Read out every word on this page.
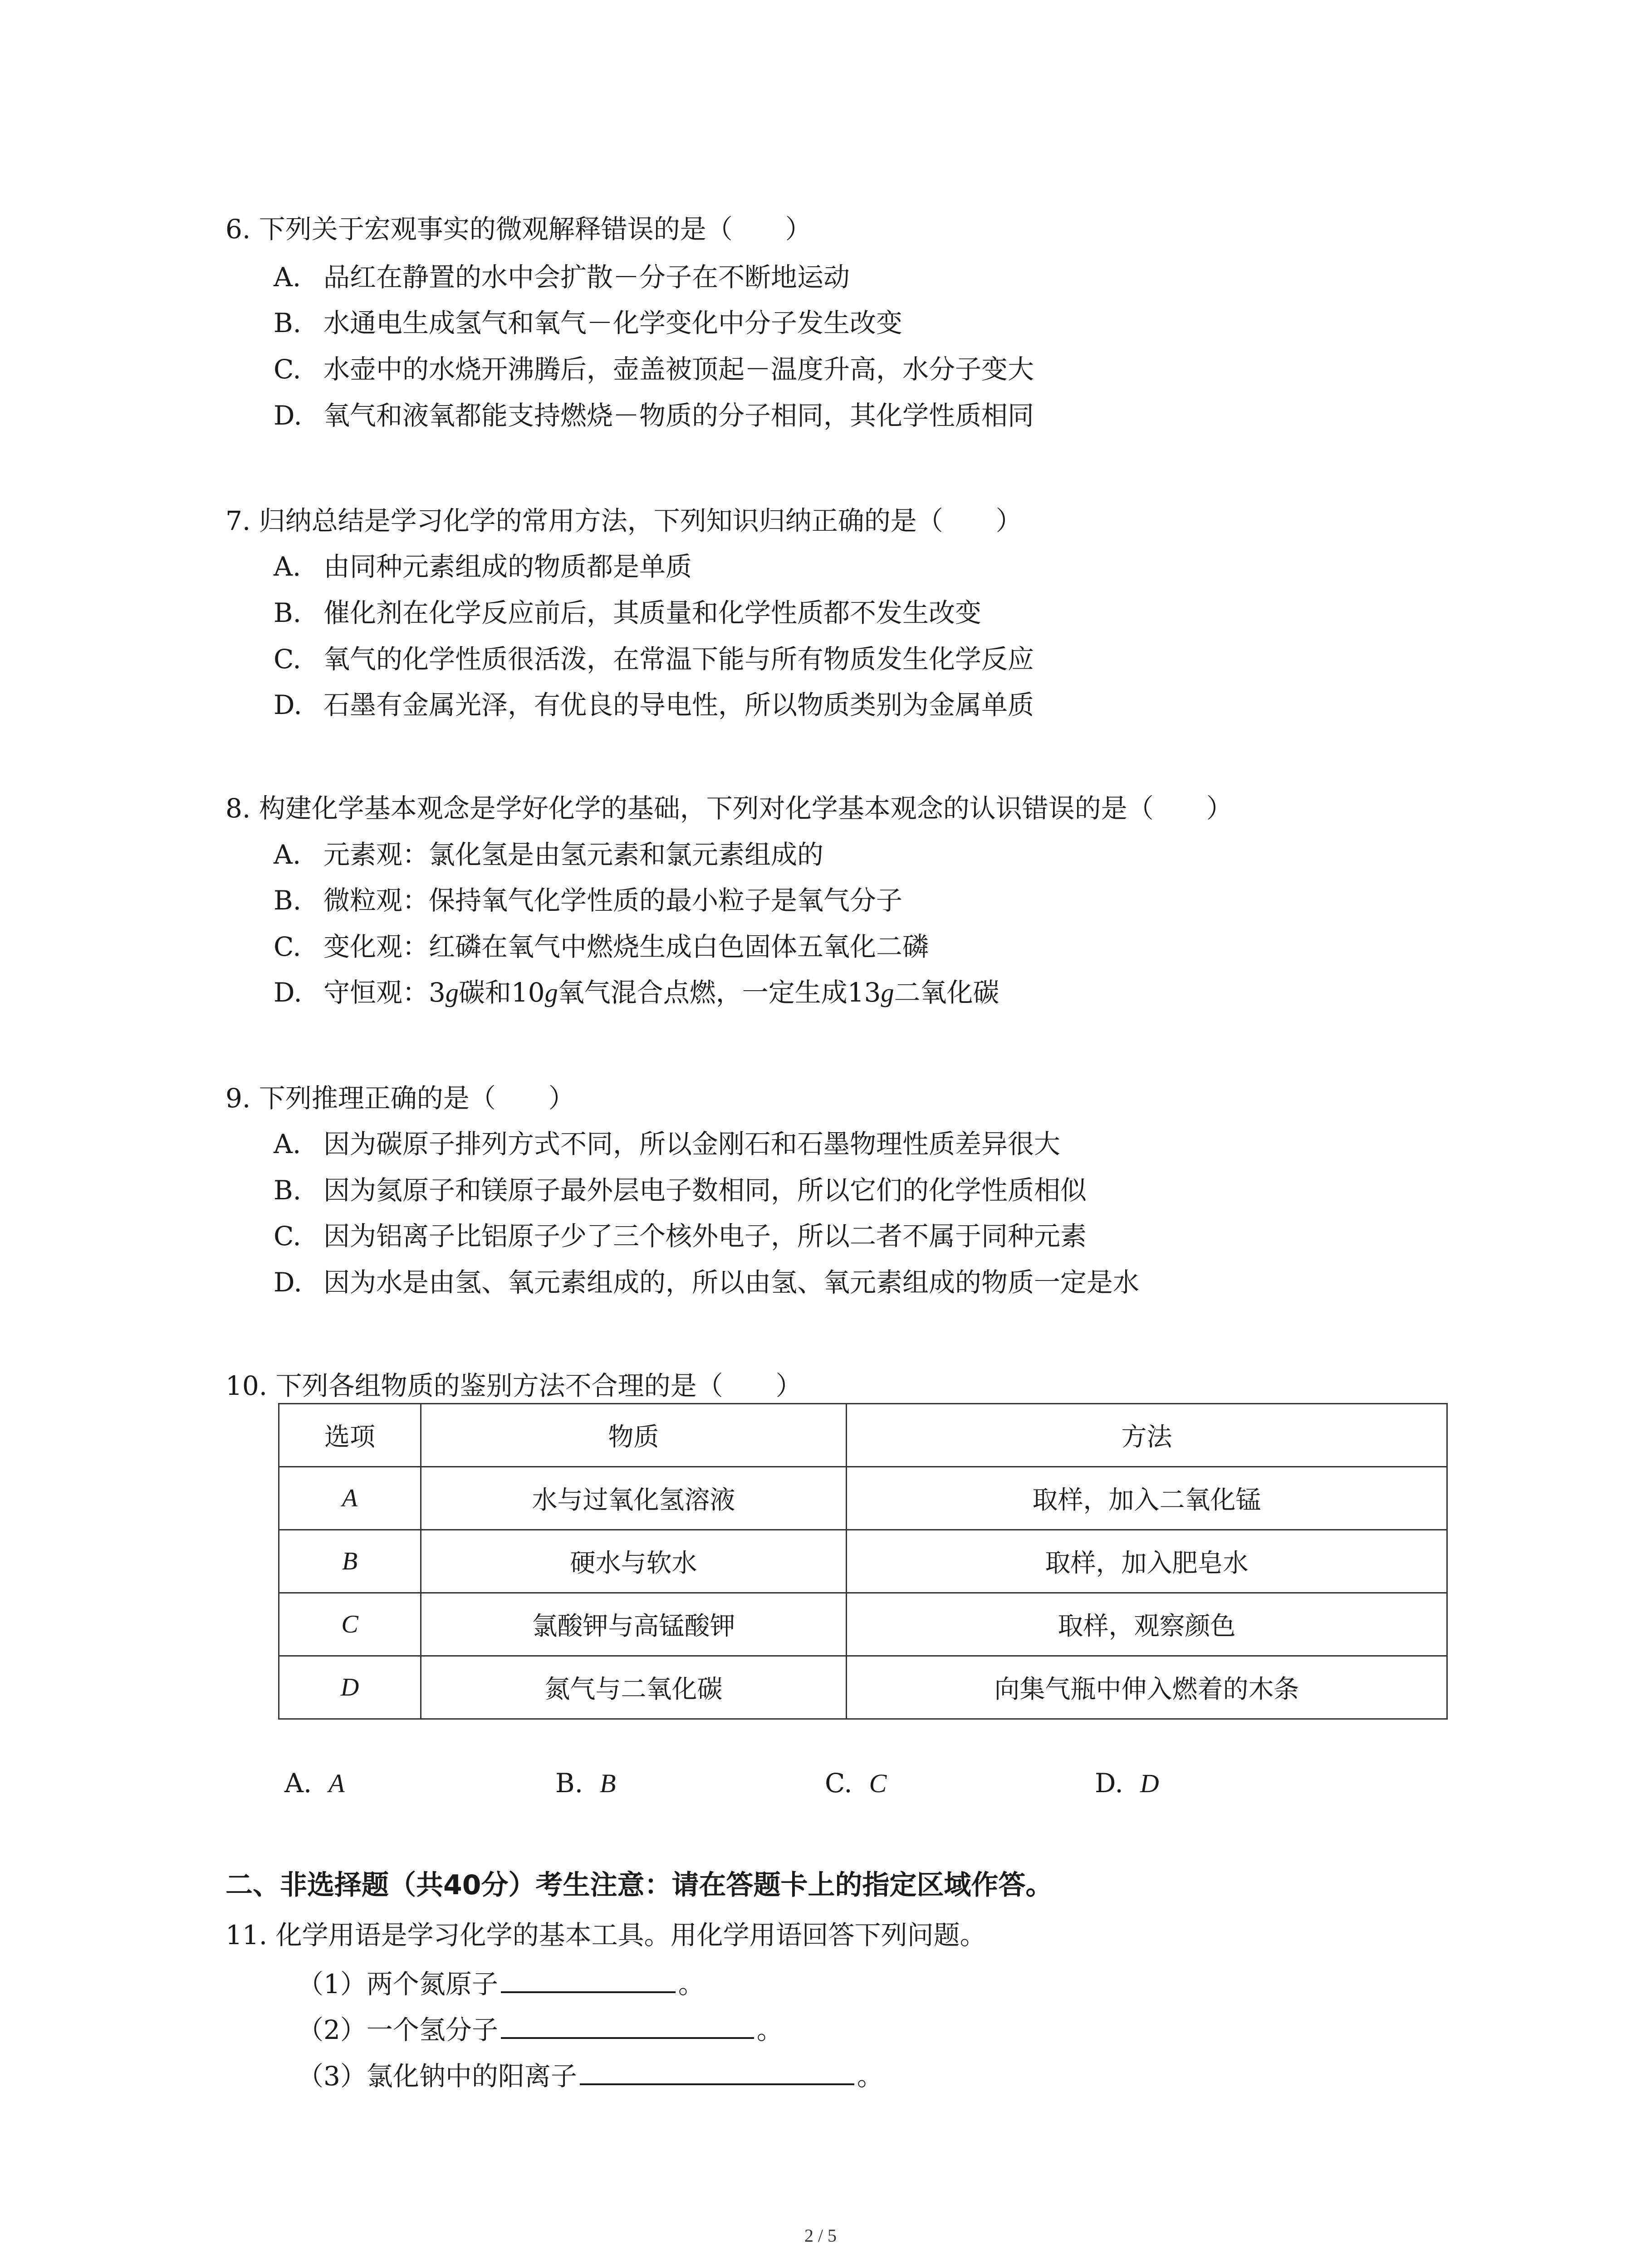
6. 下列关于宏观事实的微观解释错误的是（　　）
A. 品红在静置的水中会扩散－分子在不断地运动
B. 水通电生成氢气和氧气－化学变化中分子发生改变
C. 水壶中的水烧开沸腾后，壶盖被顶起－温度升高，水分子变大
D. 氧气和液氧都能支持燃烧－物质的分子相同，其化学性质相同
7. 归纳总结是学习化学的常用方法，下列知识归纳正确的是（　　）
A. 由同种元素组成的物质都是单质
B. 催化剂在化学反应前后，其质量和化学性质都不发生改变
C. 氧气的化学性质很活泼，在常温下能与所有物质发生化学反应
D. 石墨有金属光泽，有优良的导电性，所以物质类别为金属单质
8. 构建化学基本观念是学好化学的基础，下列对化学基本观念的认识错误的是（　　）
A. 元素观：氯化氢是由氢元素和氯元素组成的
B. 微粒观：保持氧气化学性质的最小粒子是氧气分子
C. 变化观：红磷在氧气中燃烧生成白色固体五氧化二磷
D. 守恒观：3g碳和10g氧气混合点燃，一定生成13g二氧化碳
9. 下列推理正确的是（　　）
A. 因为碳原子排列方式不同，所以金刚石和石墨物理性质差异很大
B. 因为氦原子和镁原子最外层电子数相同，所以它们的化学性质相似
C. 因为铝离子比铝原子少了三个核外电子，所以二者不属于同种元素
D. 因为水是由氢、氧元素组成的，所以由氢、氧元素组成的物质一定是水
10. 下列各组物质的鉴别方法不合理的是（　　）
选项	物质	方法
A	水与过氧化氢溶液	取样，加入二氧化锰
B	硬水与软水	取样，加入肥皂水
C	氯酸钾与高锰酸钾	取样，观察颜色
D	氮气与二氧化碳	向集气瓶中伸入燃着的木条
A. A	B. B	C. C	D. D
二、非选择题（共40分）考生注意：请在答题卡上的指定区域作答。
11. 化学用语是学习化学的基本工具。用化学用语回答下列问题。
（1）两个氮原子	。
（2）一个氢分子	。
（3）氯化钠中的阳离子	。
2 / 5
